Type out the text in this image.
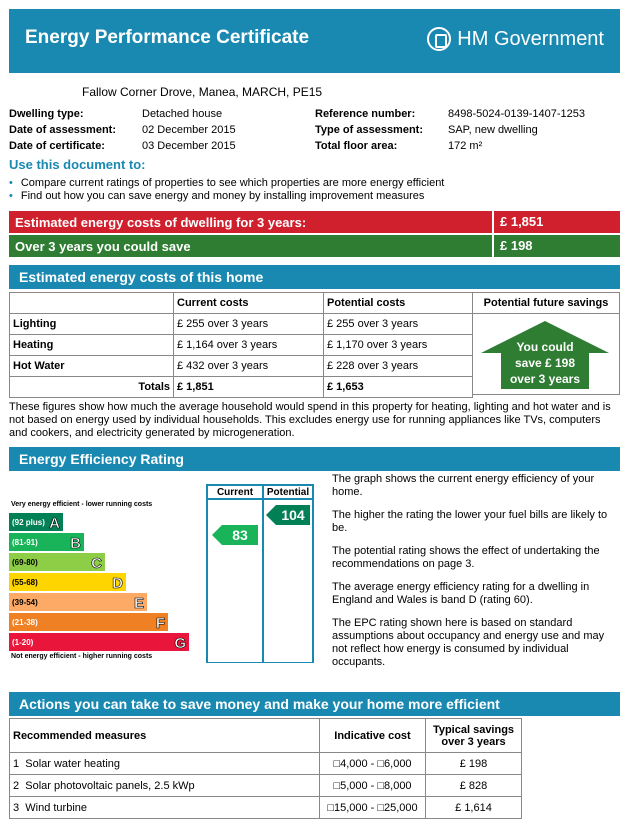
Energy Performance Certificate	HM Government
Fallow Corner Drove, Manea, MARCH, PE15
Dwelling type:	Detached house
Date of assessment:	02 December 2015
Date of certificate:	03 December 2015
Reference number:	8498-5024-0139-1407-1253
Type of assessment:	SAP, new dwelling
Total floor area:	172 m²
Use this document to:
• Compare current ratings of properties to see which properties are more energy efficient
• Find out how you can save energy and money by installing improvement measures
Estimated energy costs of dwelling for 3 years:	£ 1,851
Over 3 years you could save	£ 198
Estimated energy costs of this home
	Current costs	Potential costs
Lighting	£ 255 over 3 years	£ 255 over 3 years
Heating	£ 1,164 over 3 years	£ 1,170 over 3 years
Hot Water	£ 432 over 3 years	£ 228 over 3 years
Totals	£ 1,851	£ 1,653
Potential future savings
You could
save £ 198
over 3 years
These figures show how much the average household would spend in this property for heating, lighting and hot water and is not based on energy used by individual households. This excludes energy use for running appliances like TVs, computers and cookers, and electricity generated by microgeneration.
Energy Efficiency Rating
Current Potential
Very energy efficient - lower running costs
Not energy efficient - higher running costs
(92 plus) A
(81-91) B
(69-80)	C
(55-68)	D
(39-54)	E
(21-38)	F
(1-20)	G
83
104

The graph shows the current energy efficiency of your home.

The higher the rating the lower your fuel bills are likely to be.

The potential rating shows the effect of undertaking the recommendations on page 3.

The average energy efficiency rating for a dwelling in England and Wales is band D (rating 60).

The EPC rating shown here is based on standard assumptions about occupancy and energy use and may not reflect how energy is consumed by individual occupants.

Actions you can take to save money and make your home more efficient
Recommended measures	Indicative cost	Typical savings over 3 years
1 Solar water heating	□4,000 - □6,000	£ 198
2 Solar photovoltaic panels, 2.5 kWp	□5,000 - □8,000	£ 828
3 Wind turbine	□15,000 - □25,000	£ 1,614
